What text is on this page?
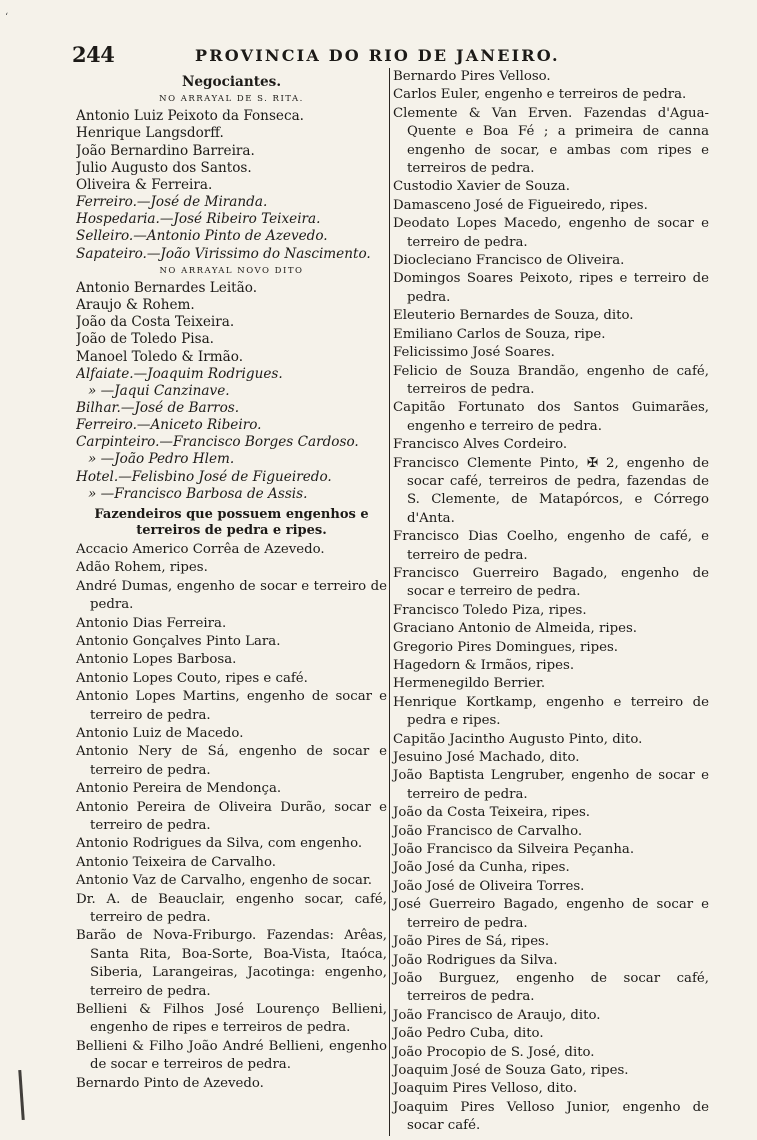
‘
244	PROVINCIA DO RIO DE JANEIRO.
Negociantes.
NO ARRAYAL DE S. RITA.
Antonio Luiz Peixoto da Fonseca.
Henrique Langsdorff.
João Bernardino Barreira.
Julio Augusto dos Santos.
Oliveira & Ferreira.
Ferreiro.—José de Miranda.
Hospedaria.—José Ribeiro Teixeira.
Selleiro.—Antonio Pinto de Azevedo.
Sapateiro.—João Virissimo do Nascimento.
NO ARRAYAL NOVO DITO
Antonio Bernardes Leitão.
Araujo & Rohem.
João da Costa Teixeira.
João de Toledo Pisa.
Manoel Toledo & Irmão.
Alfaiate.—Joaquim Rodrigues.
» —Jaqui Canzinave.
Bilhar.—José de Barros.
Ferreiro.—Aniceto Ribeiro.
Carpinteiro.—Francisco Borges Cardoso.
» —João Pedro Hlem.
Hotel.—Felisbino José de Figueiredo.
» —Francisco Barbosa de Assis.
Fazendeiros que possuem engenhos e terreiros de pedra e ripes.
Accacio Americo Corrêa de Azevedo.
Adão Rohem, ripes.
André Dumas, engenho de socar e terreiro de pedra.
Antonio Dias Ferreira.
Antonio Gonçalves Pinto Lara.
Antonio Lopes Barbosa.
Antonio Lopes Couto, ripes e café.
Antonio Lopes Martins, engenho de socar e terreiro de pedra.
Antonio Luiz de Macedo.
Antonio Nery de Sá, engenho de socar e terreiro de pedra.
Antonio Pereira de Mendonça.
Antonio Pereira de Oliveira Durão, socar e terreiro de pedra.
Antonio Rodrigues da Silva, com engenho.
Antonio Teixeira de Carvalho.
Antonio Vaz de Carvalho, engenho de socar.
Dr. A. de Beauclair, engenho socar, café, terreiro de pedra.
Barão de Nova-Friburgo. Fazendas: Arêas, Santa Rita, Boa-Sorte, Boa-Vista, Itaóca, Siberia, Larangeiras, Jacotinga: engenho, terreiro de pedra.
Bellieni & Filhos José Lourenço Bellieni, engenho de ripes e terreiros de pedra.
Bellieni & Filho João André Bellieni, engenho de socar e terreiros de pedra.
Bernardo Pinto de Azevedo.
Bernardo Pires Velloso.
Carlos Euler, engenho e terreiros de pedra.
Clemente & Van Erven. Fazendas d'Agua-Quente e Boa Fé ; a primeira de canna engenho de socar, e ambas com ripes e terreiros de pedra.
Custodio Xavier de Souza.
Damasceno José de Figueiredo, ripes.
Deodato Lopes Macedo, engenho de socar e terreiro de pedra.
Diocleciano Francisco de Oliveira.
Domingos Soares Peixoto, ripes e terreiro de pedra.
Eleuterio Bernardes de Souza, dito.
Emiliano Carlos de Souza, ripe.
Felicissimo José Soares.
Felicio de Souza Brandão, engenho de café, terreiros de pedra.
Capitão Fortunato dos Santos Guimarães, engenho e terreiro de pedra.
Francisco Alves Cordeiro.
Francisco Clemente Pinto, ✠ 2, engenho de socar café, terreiros de pedra, fazendas de S. Clemente, de Matapórcos, e Córrego d'Anta.
Francisco Dias Coelho, engenho de café, e terreiro de pedra.
Francisco Guerreiro Bagado, engenho de socar e terreiro de pedra.
Francisco Toledo Piza, ripes.
Graciano Antonio de Almeida, ripes.
Gregorio Pires Domingues, ripes.
Hagedorn & Irmãos, ripes.
Hermenegildo Berrier.
Henrique Kortkamp, engenho e terreiro de pedra e ripes.
Capitão Jacintho Augusto Pinto, dito.
Jesuino José Machado, dito.
João Baptista Lengruber, engenho de socar e terreiro de pedra.
João da Costa Teixeira, ripes.
João Francisco de Carvalho.
João Francisco da Silveira Peçanha.
João José da Cunha, ripes.
João José de Oliveira Torres.
José Guerreiro Bagado, engenho de socar e terreiro de pedra.
João Pires de Sá, ripes.
João Rodrigues da Silva.
João Burguez, engenho de socar café, terreiros de pedra.
João Francisco de Araujo, dito.
João Pedro Cuba, dito.
João Procopio de S. José, dito.
Joaquim José de Souza Gato, ripes.
Joaquim Pires Velloso, dito.
Joaquim Pires Velloso Junior, engenho de socar café.
